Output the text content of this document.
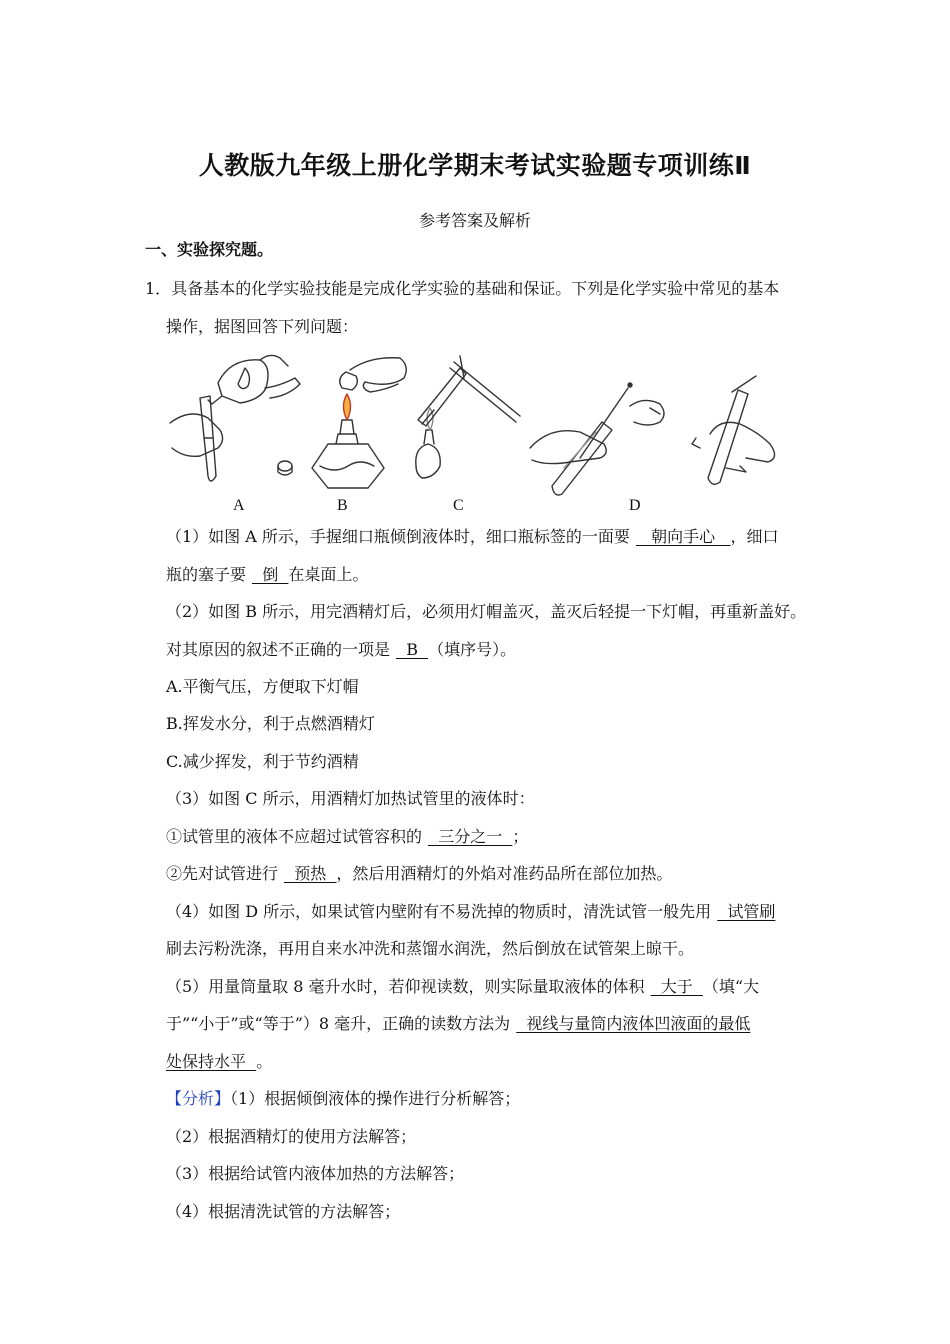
人教版九年级上册化学期末考试实验题专项训练Ⅱ
参考答案及解析
一、实验探究题。
1．具备基本的化学实验技能是完成化学实验的基础和保证。下列是化学实验中常见的基本
操作，据图回答下列问题：
A	B	C	D
（1）如图 A 所示，手握细口瓶倾倒液体时，细口瓶标签的一面要   朝向手心   ，细口
瓶的塞子要  倒  在桌面上。
（2）如图 B 所示，用完酒精灯后，必须用灯帽盖灭，盖灭后轻提一下灯帽，再重新盖好。
对其原因的叙述不正确的一项是  B  （填序号）。
A.平衡气压，方便取下灯帽
B.挥发水分，利于点燃酒精灯
C.减少挥发，利于节约酒精
（3）如图 C 所示，用酒精灯加热试管里的液体时：
①试管里的液体不应超过试管容积的  三分之一  ；
②先对试管进行  预热  ，然后用酒精灯的外焰对准药品所在部位加热。
（4）如图 D 所示，如果试管内壁附有不易洗掉的物质时，清洗试管一般先用  试管刷
刷去污粉洗涤，再用自来水冲洗和蒸馏水润洗，然后倒放在试管架上晾干。
（5）用量筒量取 8 毫升水时，若仰视读数，则实际量取液体的体积  大于  （填“大
于”“小于”或“等于”）8 毫升，正确的读数方法为  视线与量筒内液体凹液面的最低
处保持水平  。
【分析】（1）根据倾倒液体的操作进行分析解答；
（2）根据酒精灯的使用方法解答；
（3）根据给试管内液体加热的方法解答；
（4）根据清洗试管的方法解答；
